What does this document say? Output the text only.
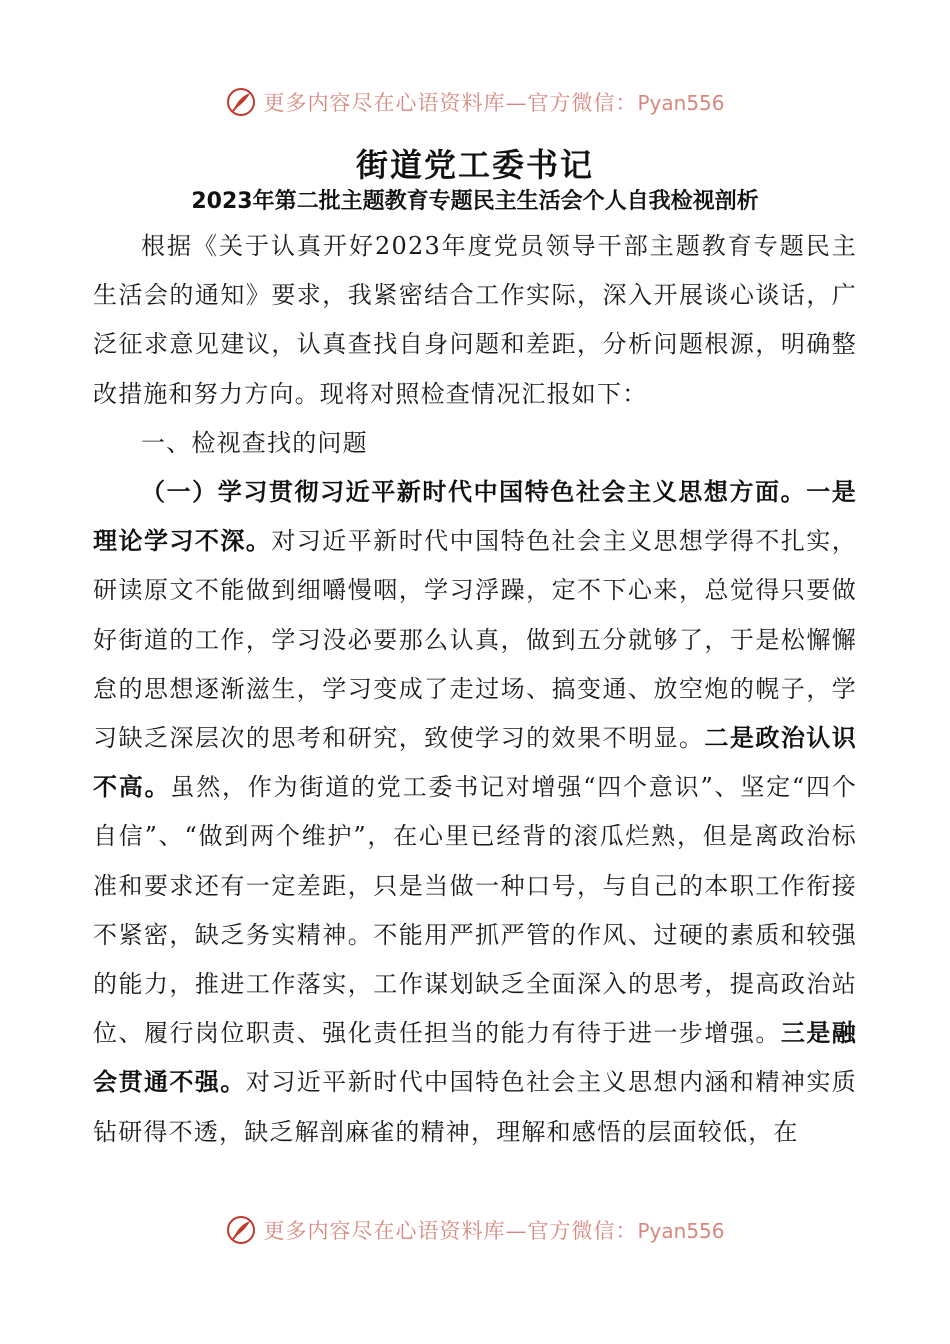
更多内容尽在心语资料库—官方微信：Pyan556
街道党工委书记
2023年第二批主题教育专题民主生活会个人自我检视剖析

根据《关于认真开好2023年度党员领导干部主题教育专题民主生活会的通知》要求，我紧密结合工作实际，深入开展谈心谈话，广泛征求意见建议，认真查找自身问题和差距，分析问题根源，明确整改措施和努力方向。现将对照检查情况汇报如下：

一、检视查找的问题

（一）学习贯彻习近平新时代中国特色社会主义思想方面。一是理论学习不深。对习近平新时代中国特色社会主义思想学得不扎实，研读原文不能做到细嚼慢咽，学习浮躁，定不下心来，总觉得只要做好街道的工作，学习没必要那么认真，做到五分就够了，于是松懈懈怠的思想逐渐滋生，学习变成了走过场、搞变通、放空炮的幌子，学习缺乏深层次的思考和研究，致使学习的效果不明显。二是政治认识不高。虽然，作为街道的党工委书记对增强“四个意识”、坚定“四个自信”、“做到两个维护”，在心里已经背的滚瓜烂熟，但是离政治标准和要求还有一定差距，只是当做一种口号，与自己的本职工作衔接不紧密，缺乏务实精神。不能用严抓严管的作风、过硬的素质和较强的能力，推进工作落实，工作谋划缺乏全面深入的思考，提高政治站位、履行岗位职责、强化责任担当的能力有待于进一步增强。三是融会贯通不强。对习近平新时代中国特色社会主义思想内涵和精神实质钻研得不透，缺乏解剖麻雀的精神，理解和感悟的层面较低，在

更多内容尽在心语资料库—官方微信：Pyan556
